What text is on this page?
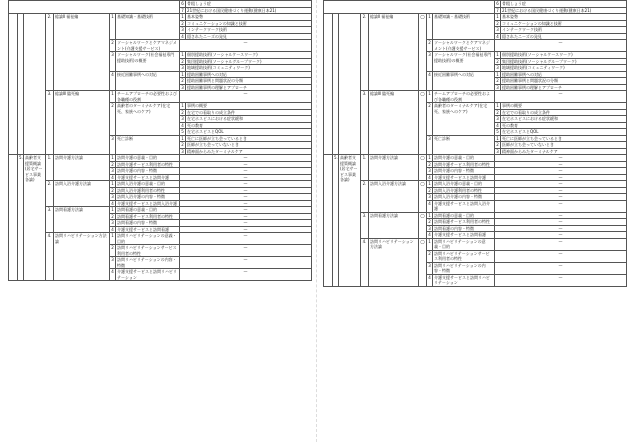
							6	骨粗しょう症
							7	21世紀における国民健康づくり運動(健康日本21)
			2.	総論Ⅱ 福祉編	1	基礎知識・基礎技術	1	基本姿勢
							2	コミュニケーションの知識と技術
							3	インテークワーク技術
							4	隠されたニーズの発見
					2	ソーシャルワークとケアマネジメント(介護支援サービス)	—	
					3	ソーシャルワーク(社会福祉専門援助技術)の概要	1	個別援助技術(ソーシャルケースワーク)
							2	集団援助技術(ソーシャルグループワーク)
							3	地域援助技術(コミュニティワーク)
					4	接近困難事例への対応	1	援助困難事例への対応
							2	援助困難事例と問題状況の分類
							3	援助困難事例の理解とアプローチ
			3.	総論Ⅲ 臨死編	1	チームアプローチの必要性および各職種の役割	—	
					2	高齢者のターミナルケア(在宅死、家族へのケア)	1	事例の概要
							2	在宅での看取りの成立条件
							3	在宅ホスピスにおける症状緩和
							4	死の教育
							5	在宅ホスピスとQOL
					3	死亡診断	1	死亡に医師が立ち会っているとき
							2	医師が立ち会っていないとき
							3	精神面からみたターミナルケア
	5.	高齢者支援策概論(居宅サービス事業各論)	1.	訪問介護方法論	1	訪問介護の意義・目的	—	
					2	訪問介護サービス利用者の特性	—	
					3	訪問介護の内容・特徴	—	
					4	介護支援サービスと訪問介護	—	
			2.	訪問入浴介護方法論	1	訪問入浴介護の意義・目的	—	
					2	訪問入浴介護利用者の特性	—	
					3	訪問入浴介護の内容・特徴	—	
					4	介護支援サービスと訪問入浴介護	—	
			3.	訪問看護方法論	1	訪問看護の意義・目的	—	
					2	訪問看護サービス利用者の特性	—	
					3	訪問看護の内容・特徴	—	
					4	介護支援サービスと訪問看護	—	
			4.	訪問リハビリテーション方法論	1	訪問リハビリテーションの意義・目的	—	
					2	訪問リハビリテーションサービス利用者の特性	—	
					3	訪問リハビリテーションの内容・特徴	—	
					4	介護支援サービスと訪問リハビリテーション	—	
								6	骨粗しょう症
								7	21世紀における国民健康づくり運動(健康日本21)
			2.	総論Ⅱ 福祉編	◯	1	基礎知識・基礎技術	1	基本姿勢
								2	コミュニケーションの知識と技術
								3	インテークワーク技術
								4	隠されたニーズの発見
						2	ソーシャルワークとケアマネジメント(介護支援サービス)	—	
						3	ソーシャルワーク(社会福祉専門援助技術)の概要	1	個別援助技術(ソーシャルケースワーク)
								2	集団援助技術(ソーシャルグループワーク)
								3	地域援助技術(コミュニティワーク)
						4	接近困難事例への対応	1	援助困難事例への対応
								2	援助困難事例と問題状況の分類
								3	援助困難事例の理解とアプローチ
			3.	総論Ⅲ 臨死編	◯	1	チームアプローチの必要性および各職種の役割	—	
						2	高齢者のターミナルケア(在宅死、家族へのケア)	1	事例の概要
								2	在宅での看取りの成立条件
								3	在宅ホスピスにおける症状緩和
								4	死の教育
								5	在宅ホスピスとQOL
						3	死亡診断	1	死亡に医師が立ち会っているとき
								2	医師が立ち会っていないとき
								3	精神面からみたターミナルケア
	5.	高齢者支援策概論(居宅サービス事業各論)	1.	訪問介護方法論	◯	1	訪問介護の意義・目的	—	
						2	訪問介護サービス利用者の特性	—	
						3	訪問介護の内容・特徴	—	
						4	介護支援サービスと訪問介護	—	
			2.	訪問入浴介護方法論	◯	1	訪問入浴介護の意義・目的	—	
						2	訪問入浴介護利用者の特性	—	
						3	訪問入浴介護の内容・特徴	—	
						4	介護支援サービスと訪問入浴介護	—	
			3.	訪問看護方法論	◯	1	訪問看護の意義・目的	—	
						2	訪問看護サービス利用者の特性	—	
						3	訪問看護の内容・特徴	—	
						4	介護支援サービスと訪問看護	—	
			4.	訪問リハビリテーション方法論	◯	1	訪問リハビリテーションの意義・目的	—	
						2	訪問リハビリテーションサービス利用者の特性	—	
						3	訪問リハビリテーションの内容・特徴	—	
						4	介護支援サービスと訪問リハビリテーション	—	
